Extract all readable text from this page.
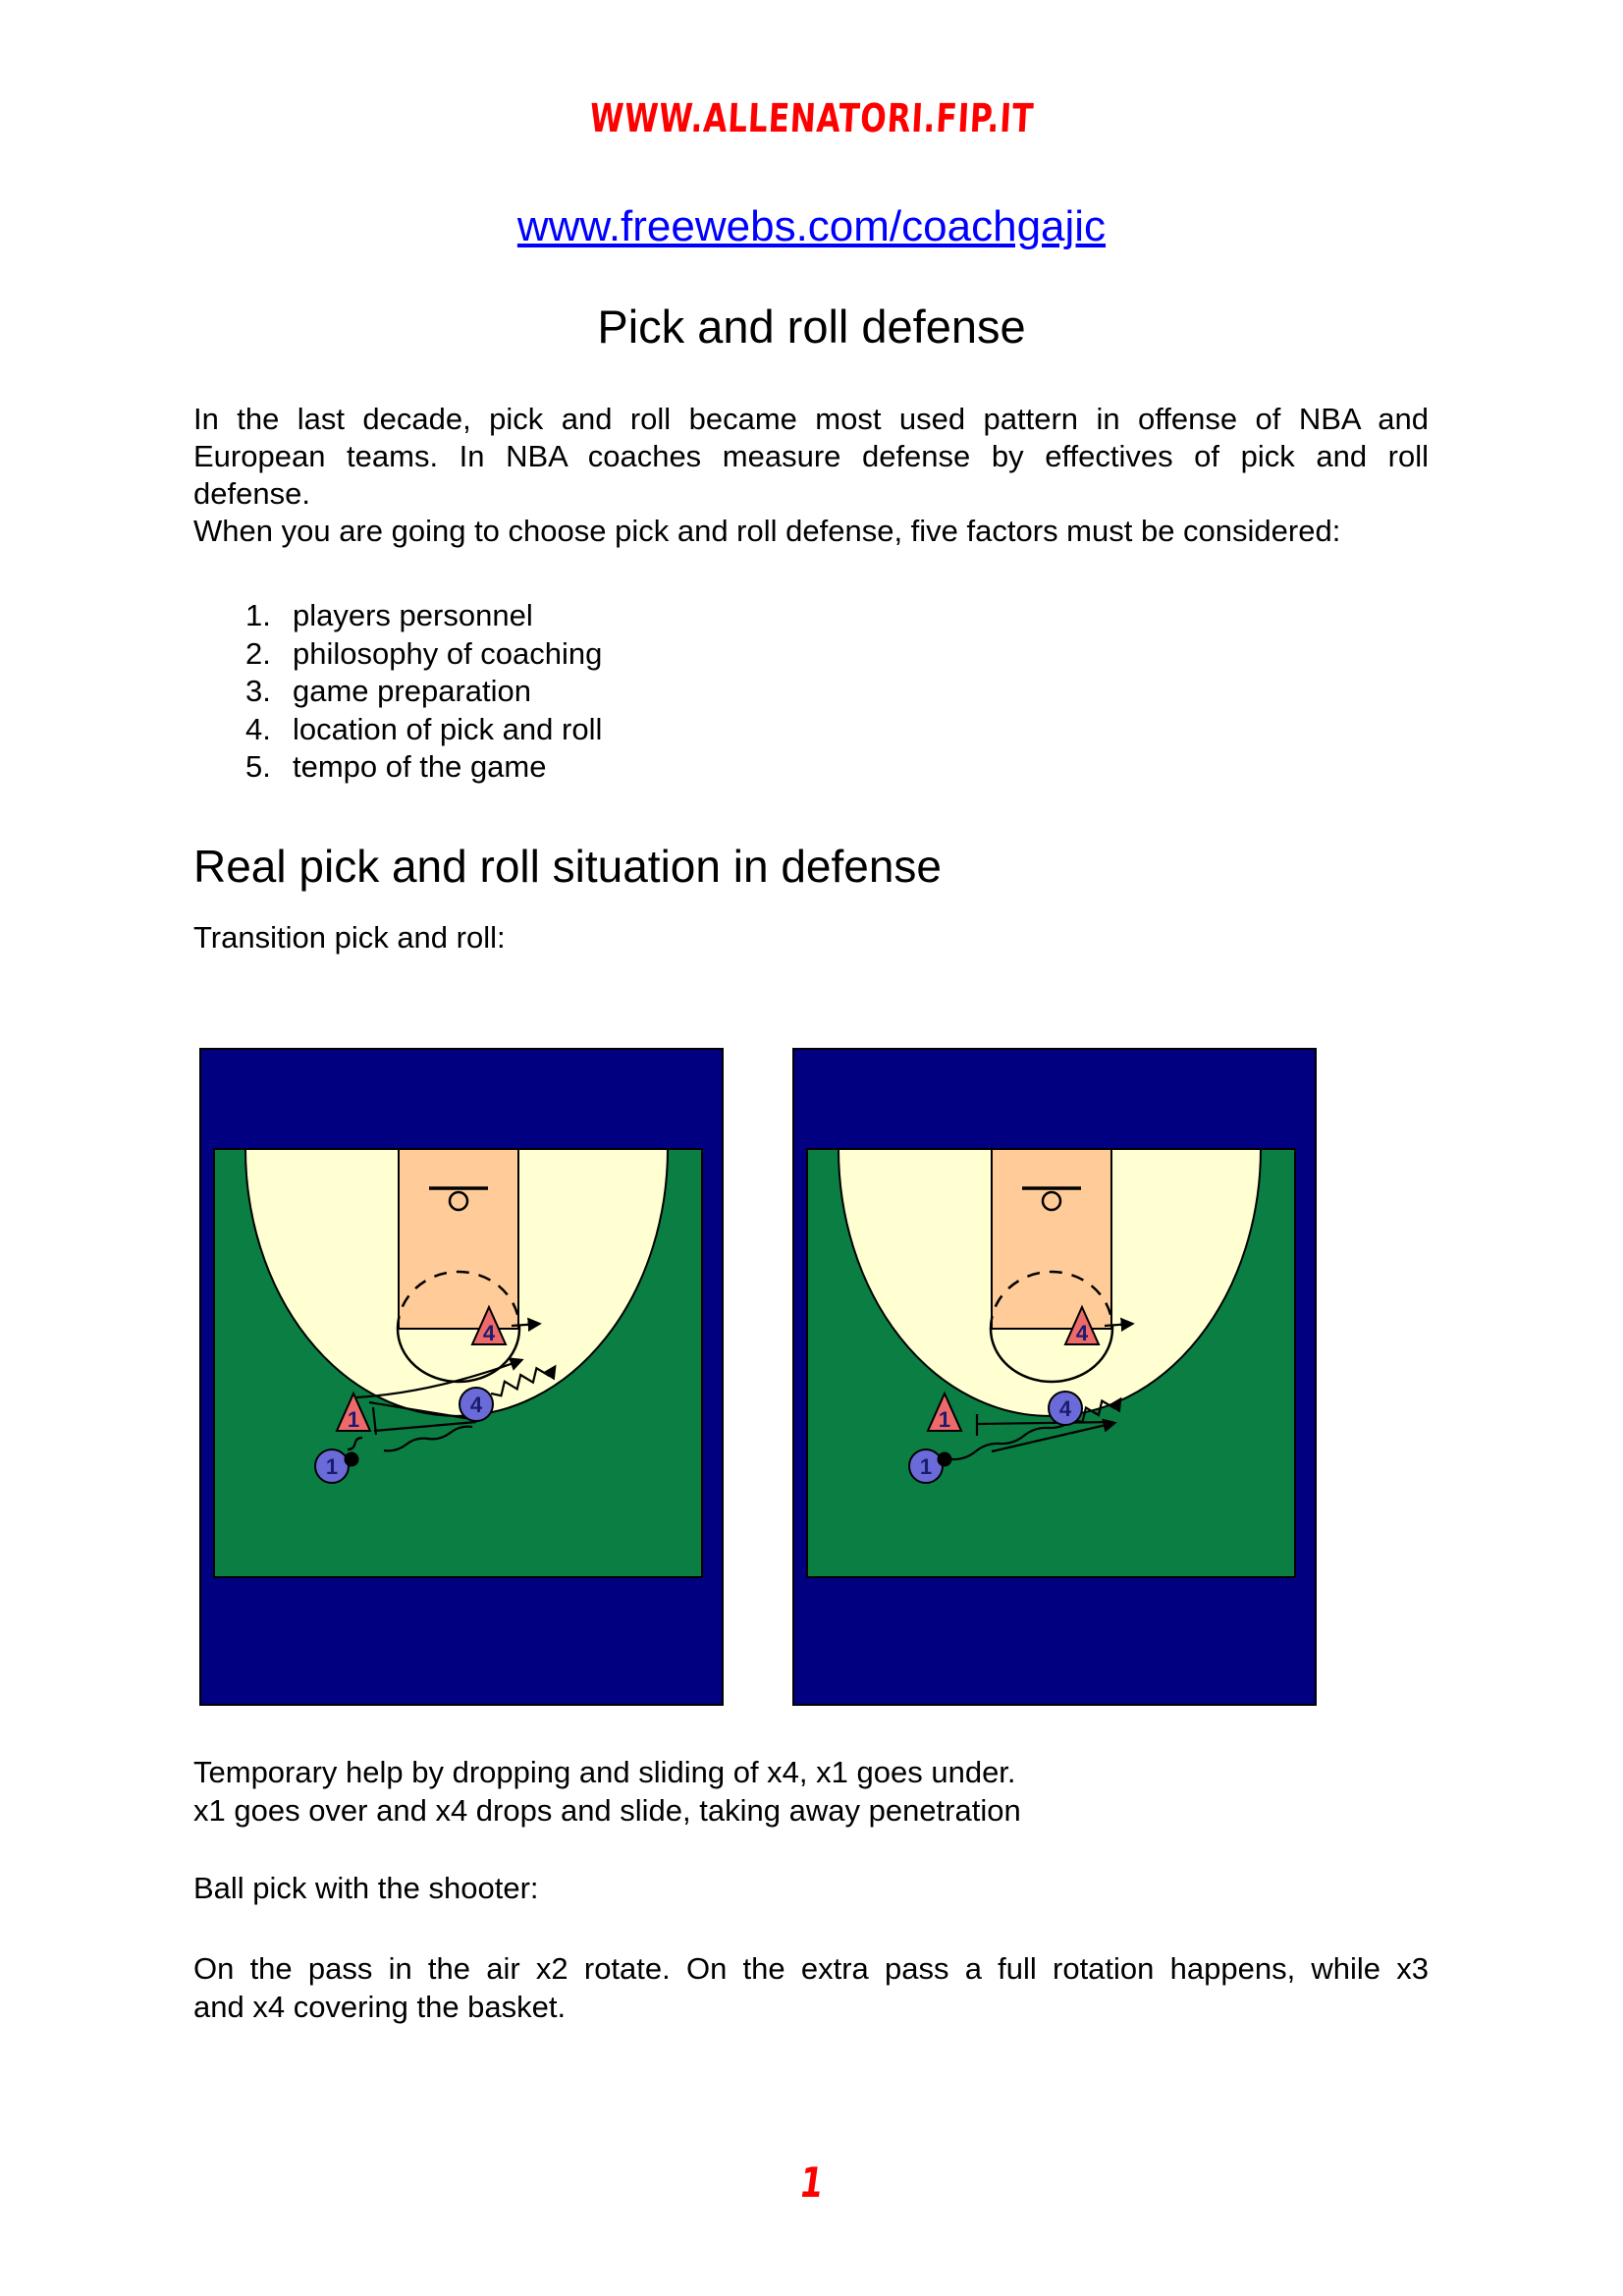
WWW.ALLENATORI.FIP.IT
www.freewebs.com/coachgajic
Pick and roll defense
In the last decade, pick and roll became most used pattern in offense of NBA and
European teams. In NBA coaches measure defense by effectives of pick and roll
defense.
When you are going to choose pick and roll defense, five factors must be considered:
1. players personnel
2. philosophy of coaching
3. game preparation
4. location of pick and roll
5. tempo of the game
Real pick and roll situation in defense
Transition pick and roll:
4
1
4
1
4
1	4
1
Temporary help by dropping and sliding of x4, x1 goes under.
x1 goes over and x4 drops and slide, taking away penetration
Ball pick with the shooter:
On the pass in the air x2 rotate. On the extra pass a full rotation happens, while x3
and x4 covering the basket.
1
